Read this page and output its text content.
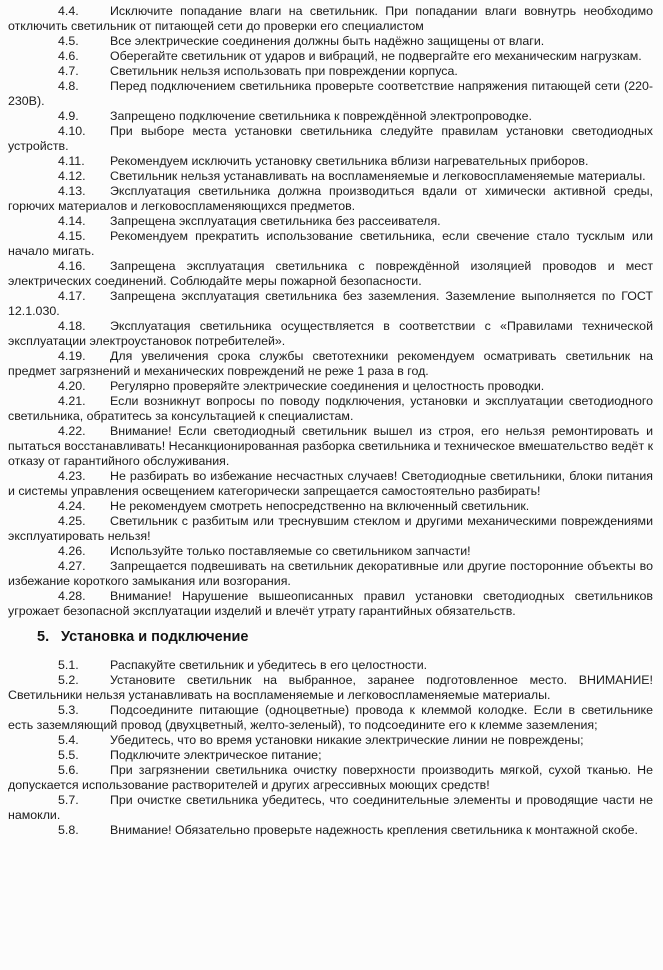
4.4.	Исключите попадание влаги на светильник. При попадании влаги вовнутрь необходимо отключить светильник от питающей сети до проверки его специалистом

4.5.	Все электрические соединения должны быть надёжно защищены от влаги.

4.6.	Оберегайте светильник от ударов и вибраций, не подвергайте его механическим нагрузкам.

4.7.	Светильник нельзя использовать при повреждении корпуса.

4.8.	Перед подключением светильника проверьте соответствие напряжения питающей сети (220-230В).

4.9.	Запрещено подключение светильника к повреждённой электропроводке.

4.10. При выборе места установки светильника следуйте правилам установки светодиодных устройств.

4.11. Рекомендуем исключить установку светильника вблизи нагревательных приборов.

4.12. Светильник нельзя устанавливать на воспламеняемые и легковоспламеняемые материалы.

4.13. Эксплуатация светильника должна производиться вдали от химически активной среды, горючих материалов и легковоспламеняющихся предметов.

4.14. Запрещена эксплуатация светильника без рассеивателя.

4.15. Рекомендуем прекратить использование светильника, если свечение стало тусклым или начало мигать.

4.16. Запрещена эксплуатация светильника с повреждённой изоляцией проводов и мест электрических соединений. Соблюдайте меры пожарной безопасности.

4.17. Запрещена эксплуатация светильника без заземления. Заземление выполняется по ГОСТ 12.1.030.

4.18. Эксплуатация светильника осуществляется в соответствии с «Правилами технической эксплуатации электроустановок потребителей».

4.19. Для увеличения срока службы светотехники рекомендуем осматривать светильник на предмет загрязнений и механических повреждений не реже 1 раза в год.

4.20. Регулярно проверяйте электрические соединения и целостность проводки.

4.21. Если возникнут вопросы по поводу подключения, установки и эксплуатации светодиодного светильника, обратитесь за консультацией к специалистам.

4.22. Внимание! Если светодиодный светильник вышел из строя, его нельзя ремонтировать и пытаться восстанавливать! Несанкционированная разборка светильника и техническое вмешательство ведёт к отказу от гарантийного обслуживания.

4.23. Не разбирать во избежание несчастных случаев! Светодиодные светильники, блоки питания и системы управления освещением категорически запрещается самостоятельно разбирать!

4.24. Не рекомендуем смотреть непосредственно на включенный светильник.

4.25. Светильник с разбитым или треснувшим стеклом и другими механическими повреждениями эксплуатировать нельзя!

4.26. Используйте только поставляемые со светильником запчасти!

4.27. Запрещается подвешивать на светильник декоративные или другие посторонние объекты во избежание короткого замыкания или возгорания.

4.28. Внимание! Нарушение вышеописанных правил установки светодиодных светильников угрожает безопасной эксплуатации изделий и влечёт утрату гарантийных обязательств.

5. Установка и подключение

5.1.	Распакуйте светильник и убедитесь в его целостности.

5.2.	Установите светильник на выбранное, заранее подготовленное место. ВНИМАНИЕ! Светильники нельзя устанавливать на воспламеняемые и легковоспламеняемые материалы.

5.3.	Подсоедините питающие (одноцветные) провода к клеммой колодке. Если в светильнике есть заземляющий провод (двухцветный, желто-зеленый), то подсоедините его к клемме заземления;

5.4.	Убедитесь, что во время установки никакие электрические линии не повреждены;

5.5.	Подключите электрическое питание;

5.6.	При загрязнении светильника очистку поверхности производить мягкой, сухой тканью. Не допускается использование растворителей и других агрессивных моющих средств!

5.7.	При очистке светильника убедитесь, что соединительные элементы и проводящие части не намокли.

5.8.	Внимание! Обязательно проверьте надежность крепления светильника к монтажной скобе.
